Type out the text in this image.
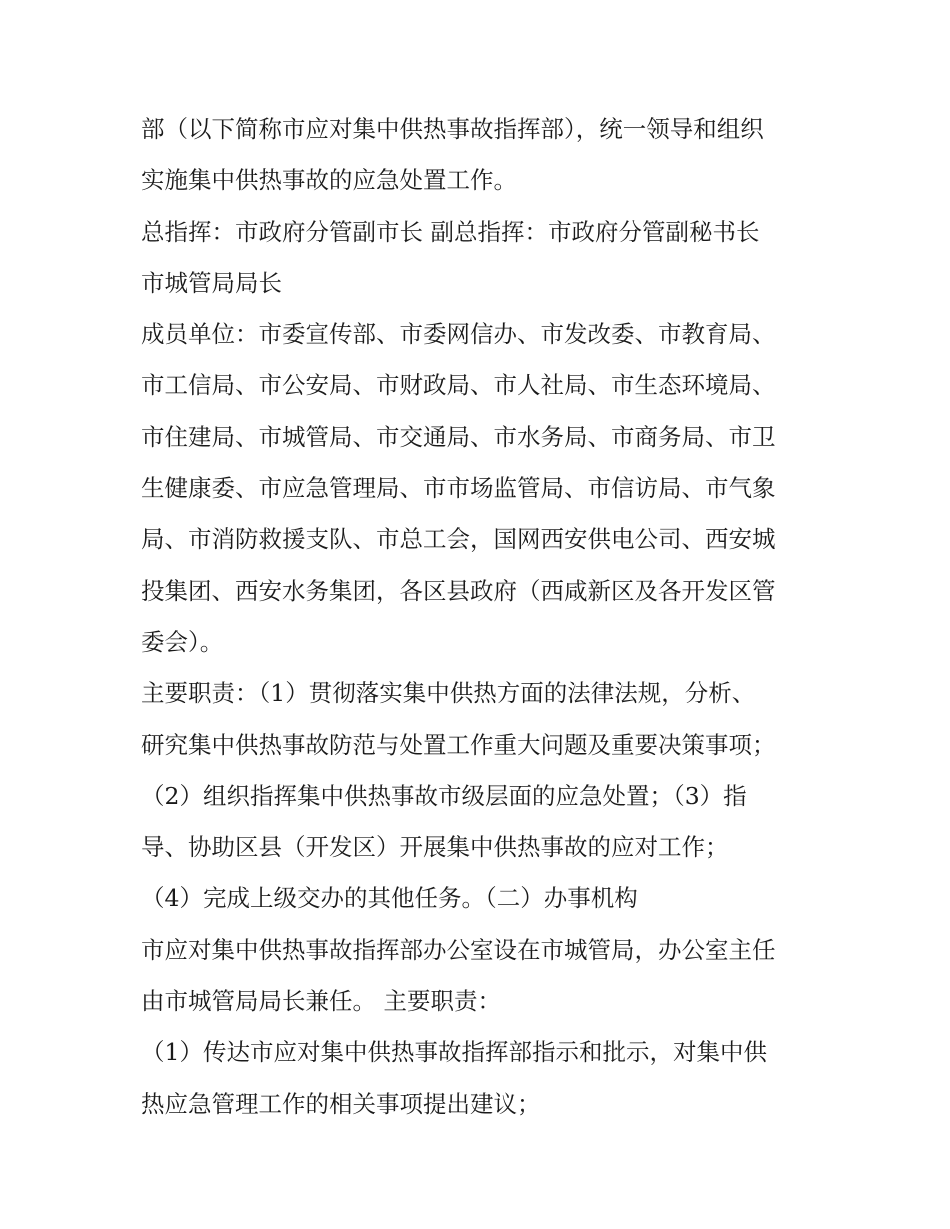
部（以下简称市应对集中供热事故指挥部），统一领导和组织

实施集中供热事故的应急处置工作。

总指挥：市政府分管副市长 副总指挥：市政府分管副秘书长

市城管局局长

成员单位：市委宣传部、市委网信办、市发改委、市教育局、

市工信局、市公安局、市财政局、市人社局、市生态环境局、

市住建局、市城管局、市交通局、市水务局、市商务局、市卫

生健康委、市应急管理局、市市场监管局、市信访局、市气象

局、市消防救援支队、市总工会，国网西安供电公司、西安城

投集团、西安水务集团，各区县政府（西咸新区及各开发区管

委会）。

主要职责：（1）贯彻落实集中供热方面的法律法规，分析、

研究集中供热事故防范与处置工作重大问题及重要决策事项；

（2）组织指挥集中供热事故市级层面的应急处置；（3）指

导、协助区县（开发区）开展集中供热事故的应对工作；

（4）完成上级交办的其他任务。（二）办事机构

市应对集中供热事故指挥部办公室设在市城管局，办公室主任

由市城管局局长兼任。 主要职责：

（1）传达市应对集中供热事故指挥部指示和批示，对集中供

热应急管理工作的相关事项提出建议；
